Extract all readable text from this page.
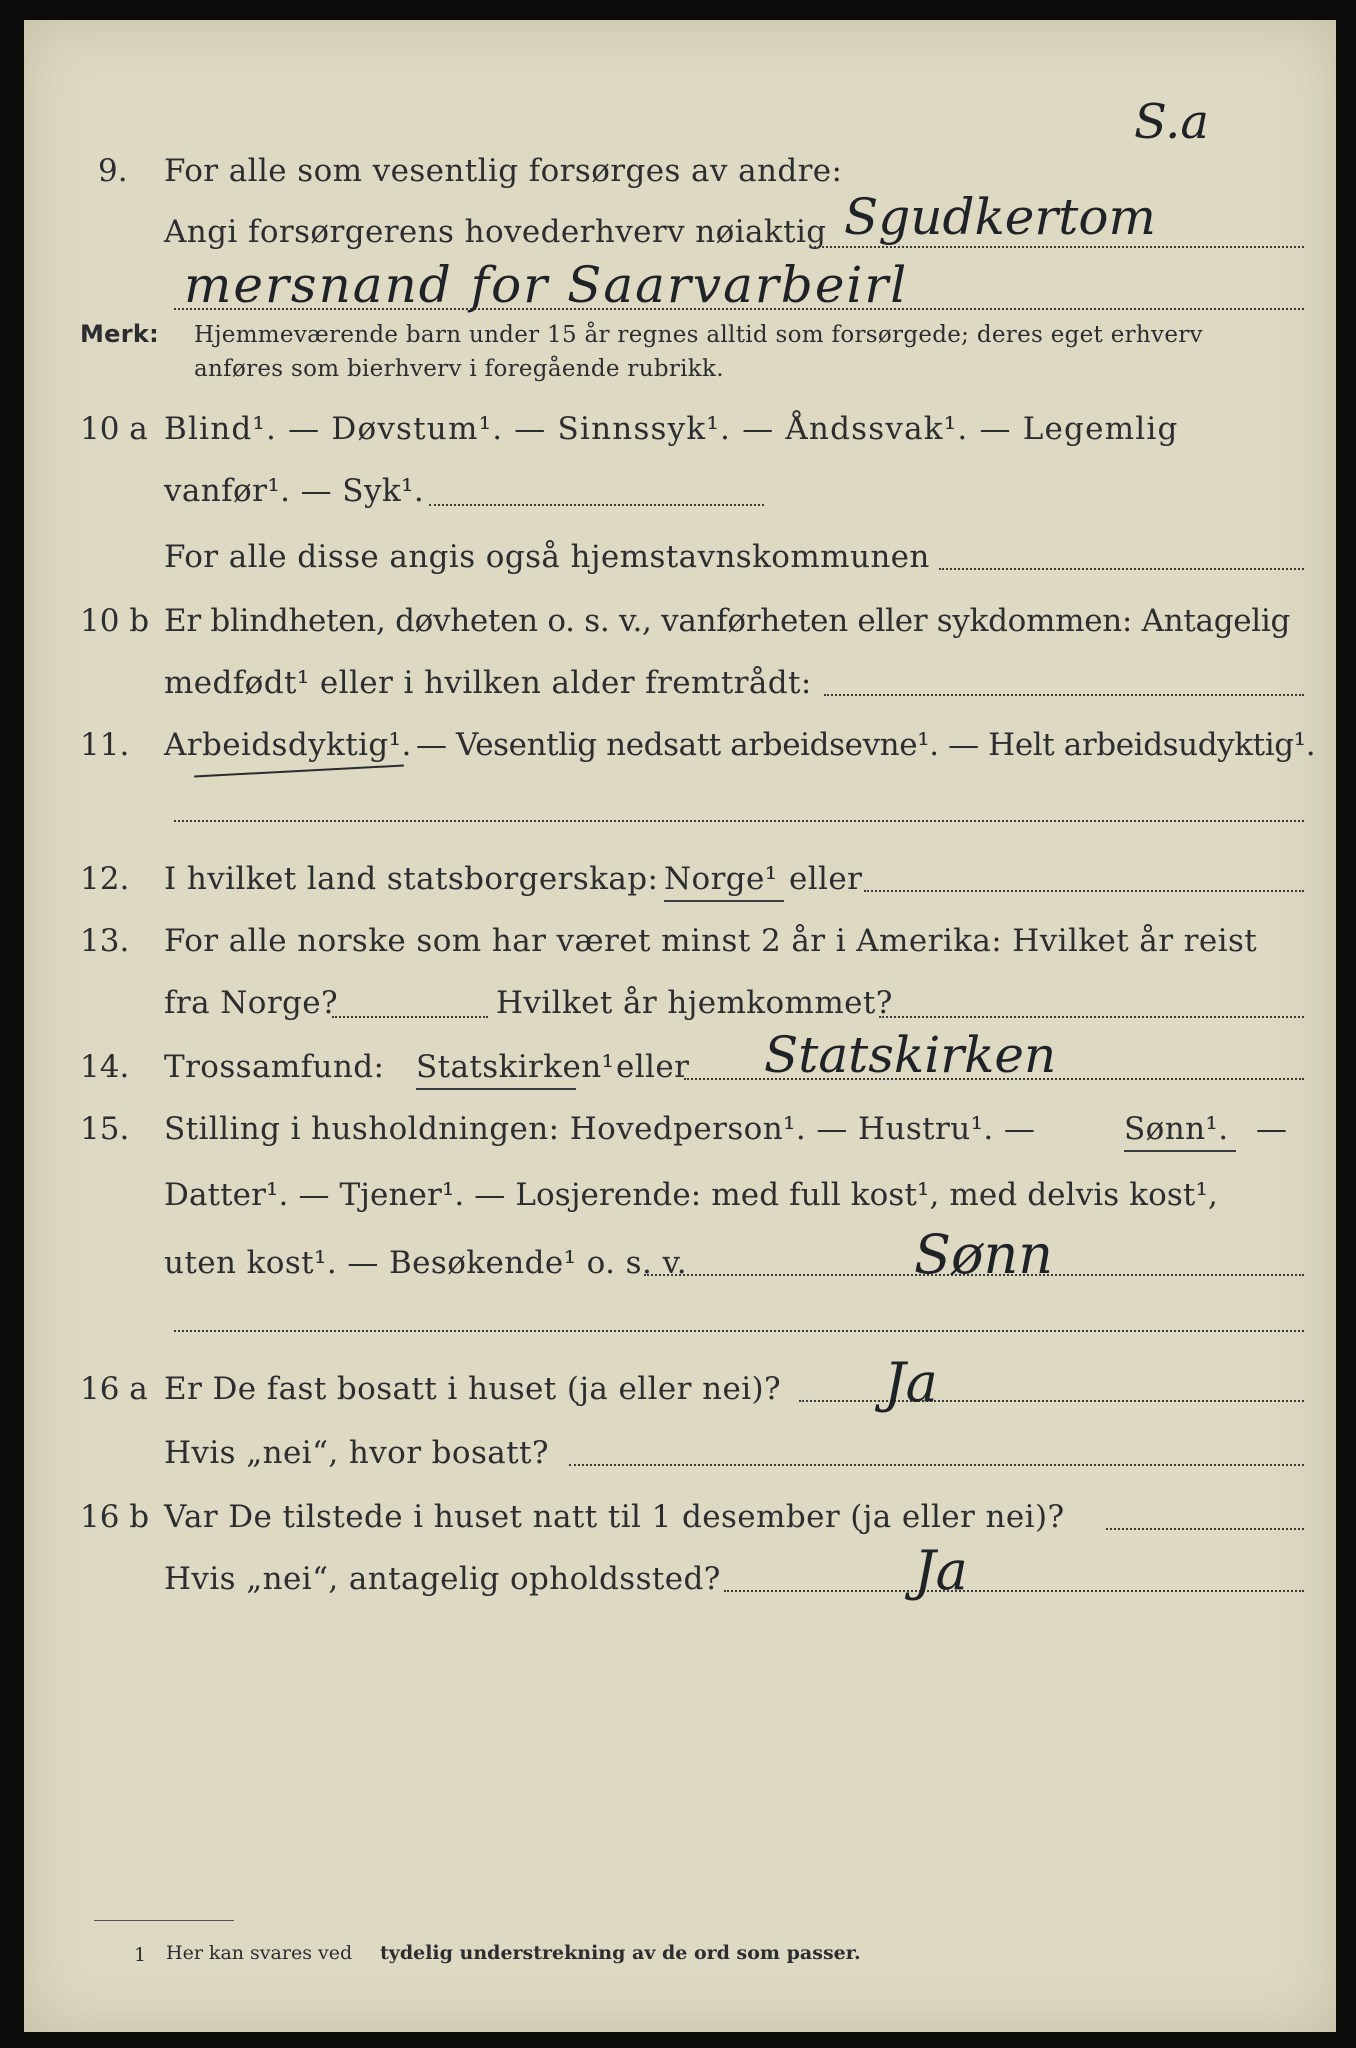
S.a
9. For alle som vesentlig forsørges av andre:
Angi forsørgerens hovederhverv nøiaktig Sgudkertom
mersnand for Saarvarbeirl
Merk: Hjemmeværende barn under 15 år regnes alltid som forsørgede; deres eget erhverv
anføres som bierhverv i foregående rubrikk.
10 a Blind¹. — Døvstum¹. — Sinnssyk¹. — Åndssvak¹. — Legemlig
vanfør¹. — Syk¹.
For alle disse angis også hjemstavnskommunen
10 b Er blindheten, døvheten o. s. v., vanførheten eller sykdommen: Antagelig
medfødt¹ eller i hvilken alder fremtrådt:
11. Arbeidsdyktig¹. — Vesentlig nedsatt arbeidsevne¹. — Helt arbeidsudyktig¹.
12. I hvilket land statsborgerskap: Norge¹ eller
13. For alle norske som har været minst 2 år i Amerika: Hvilket år reist
fra Norge?	Hvilket år hjemkommet?
14. Trossamfund: Statskirken¹ eller Statskirken
15. Stilling i husholdningen: Hovedperson¹. — Hustru¹. —	Sønn¹. —
Datter¹. — Tjener¹. — Losjerende: med full kost¹, med delvis kost¹,
uten kost¹. — Besøkende¹ o. s. v.	Sønn
16 a Er De fast bosatt i huset (ja eller nei)? Ja
Hvis „nei“, hvor bosatt?
16 b Var De tilstede i huset natt til 1 desember (ja eller nei)?
Hvis „nei“, antagelig opholdssted?	Ja
1 Her kan svares ved tydelig understrekning av de ord som passer.
